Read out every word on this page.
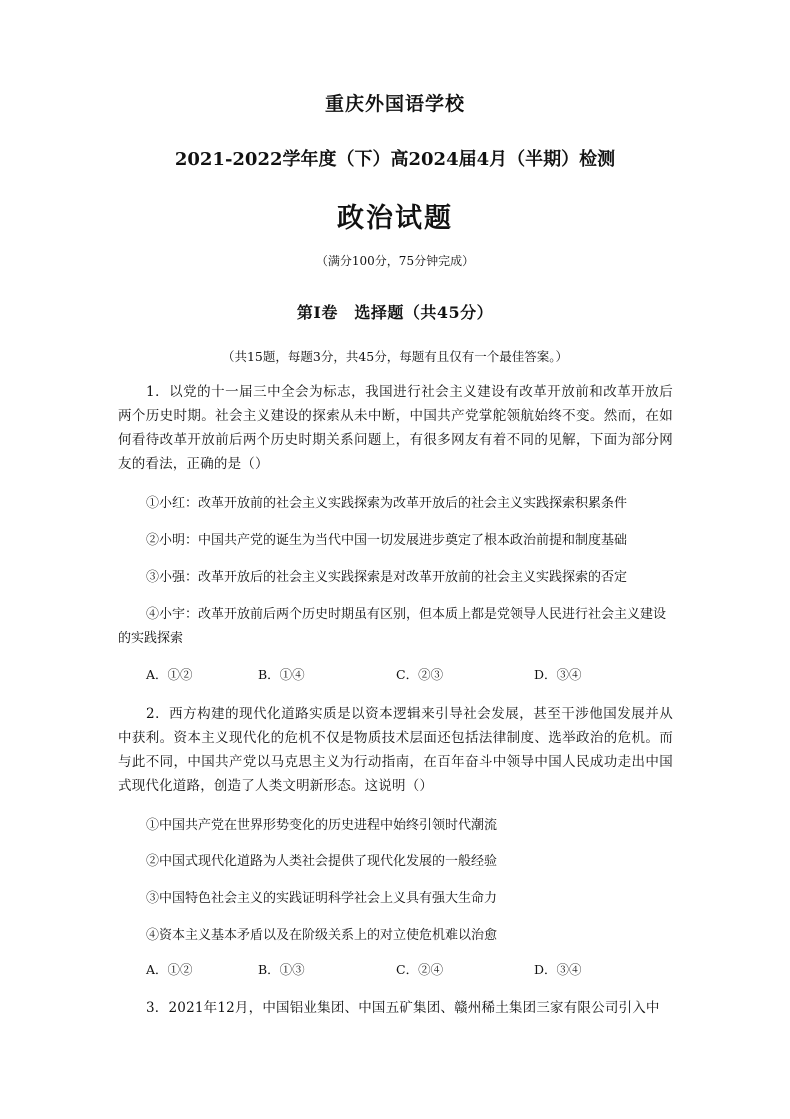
重庆外国语学校
2021-2022学年度（下）高2024届4月（半期）检测
政治试题
（满分100分，75分钟完成）
第Ⅰ卷　选择题（共45分）
（共15题，每题3分，共45分，每题有且仅有一个最佳答案。）
1．以党的十一届三中全会为标志，我国进行社会主义建设有改革开放前和改革开放后两个历史时期。社会主义建设的探索从未中断，中国共产党掌舵领航始终不变。然而，在如何看待改革开放前后两个历史时期关系问题上，有很多网友有着不同的见解，下面为部分网友的看法，正确的是（）
①小红：改革开放前的社会主义实践探索为改革开放后的社会主义实践探索积累条件
②小明：中国共产党的诞生为当代中国一切发展进步奠定了根本政治前提和制度基础
③小强：改革开放后的社会主义实践探索是对改革开放前的社会主义实践探索的否定
④小宇：改革开放前后两个历史时期虽有区别，但本质上都是党领导人民进行社会主义建设的实践探索
A．①②	B．①④	C．②③	D．③④
2．西方构建的现代化道路实质是以资本逻辑来引导社会发展，甚至干涉他国发展并从中获利。资本主义现代化的危机不仅是物质技术层面还包括法律制度、选举政治的危机。而与此不同，中国共产党以马克思主义为行动指南，在百年奋斗中领导中国人民成功走出中国式现代化道路，创造了人类文明新形态。这说明（）
①中国共产党在世界形势变化的历史进程中始终引领时代潮流
②中国式现代化道路为人类社会提供了现代化发展的一般经验
③中国特色社会主义的实践证明科学社会上义具有强大生命力
④资本主义基本矛盾以及在阶级关系上的对立使危机难以治愈
A．①②	B．①③	C．②④	D．③④
3．2021年12月，中国铝业集团、中国五矿集团、赣州稀土集团三家有限公司引入中
